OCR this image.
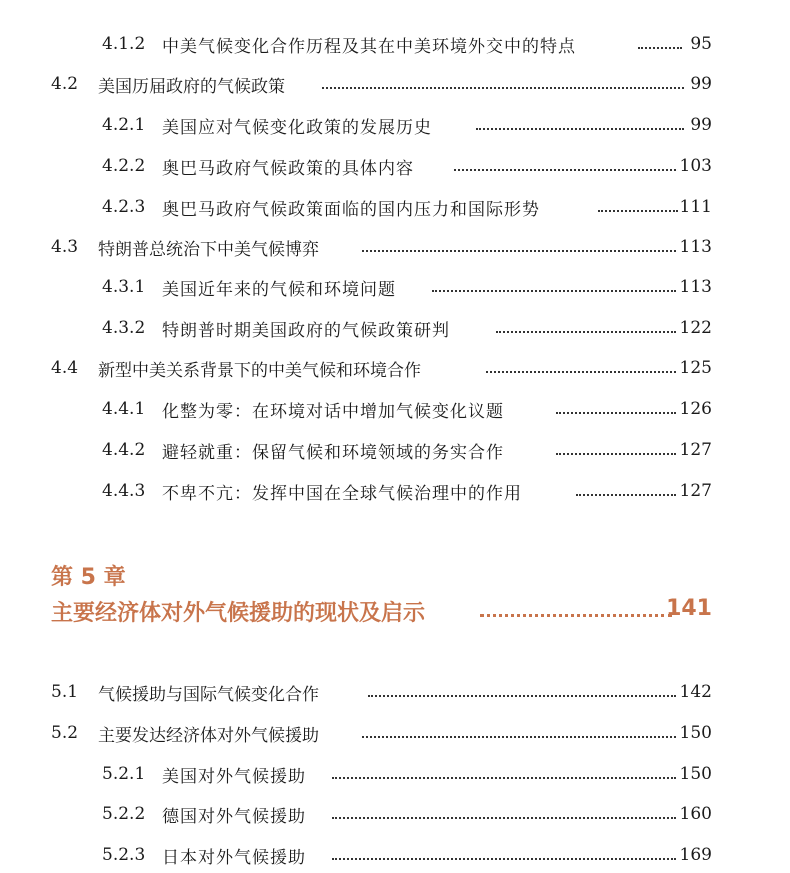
4.1.2 中美气候变化合作历程及其在中美环境外交中的特点	95
4.2 美国历届政府的气候政策	99
4.2.1 美国应对气候变化政策的发展历史	99
4.2.2 奥巴马政府气候政策的具体内容	103
4.2.3 奥巴马政府气候政策面临的国内压力和国际形势	111
4.3 特朗普总统治下中美气候博弈	113
4.3.1 美国近年来的气候和环境问题	113
4.3.2 特朗普时期美国政府的气候政策研判	122
4.4 新型中美关系背景下的中美气候和环境合作	125
4.4.1 化整为零：在环境对话中增加气候变化议题	126
4.4.2 避轻就重：保留气候和环境领域的务实合作	127
4.4.3 不卑不亢：发挥中国在全球气候治理中的作用	127
第 5 章
主要经济体对外气候援助的现状及启示	141
5.1 气候援助与国际气候变化合作	142
5.2 主要发达经济体对外气候援助	150
5.2.1 美国对外气候援助	150
5.2.2 德国对外气候援助	160
5.2.3 日本对外气候援助	169
